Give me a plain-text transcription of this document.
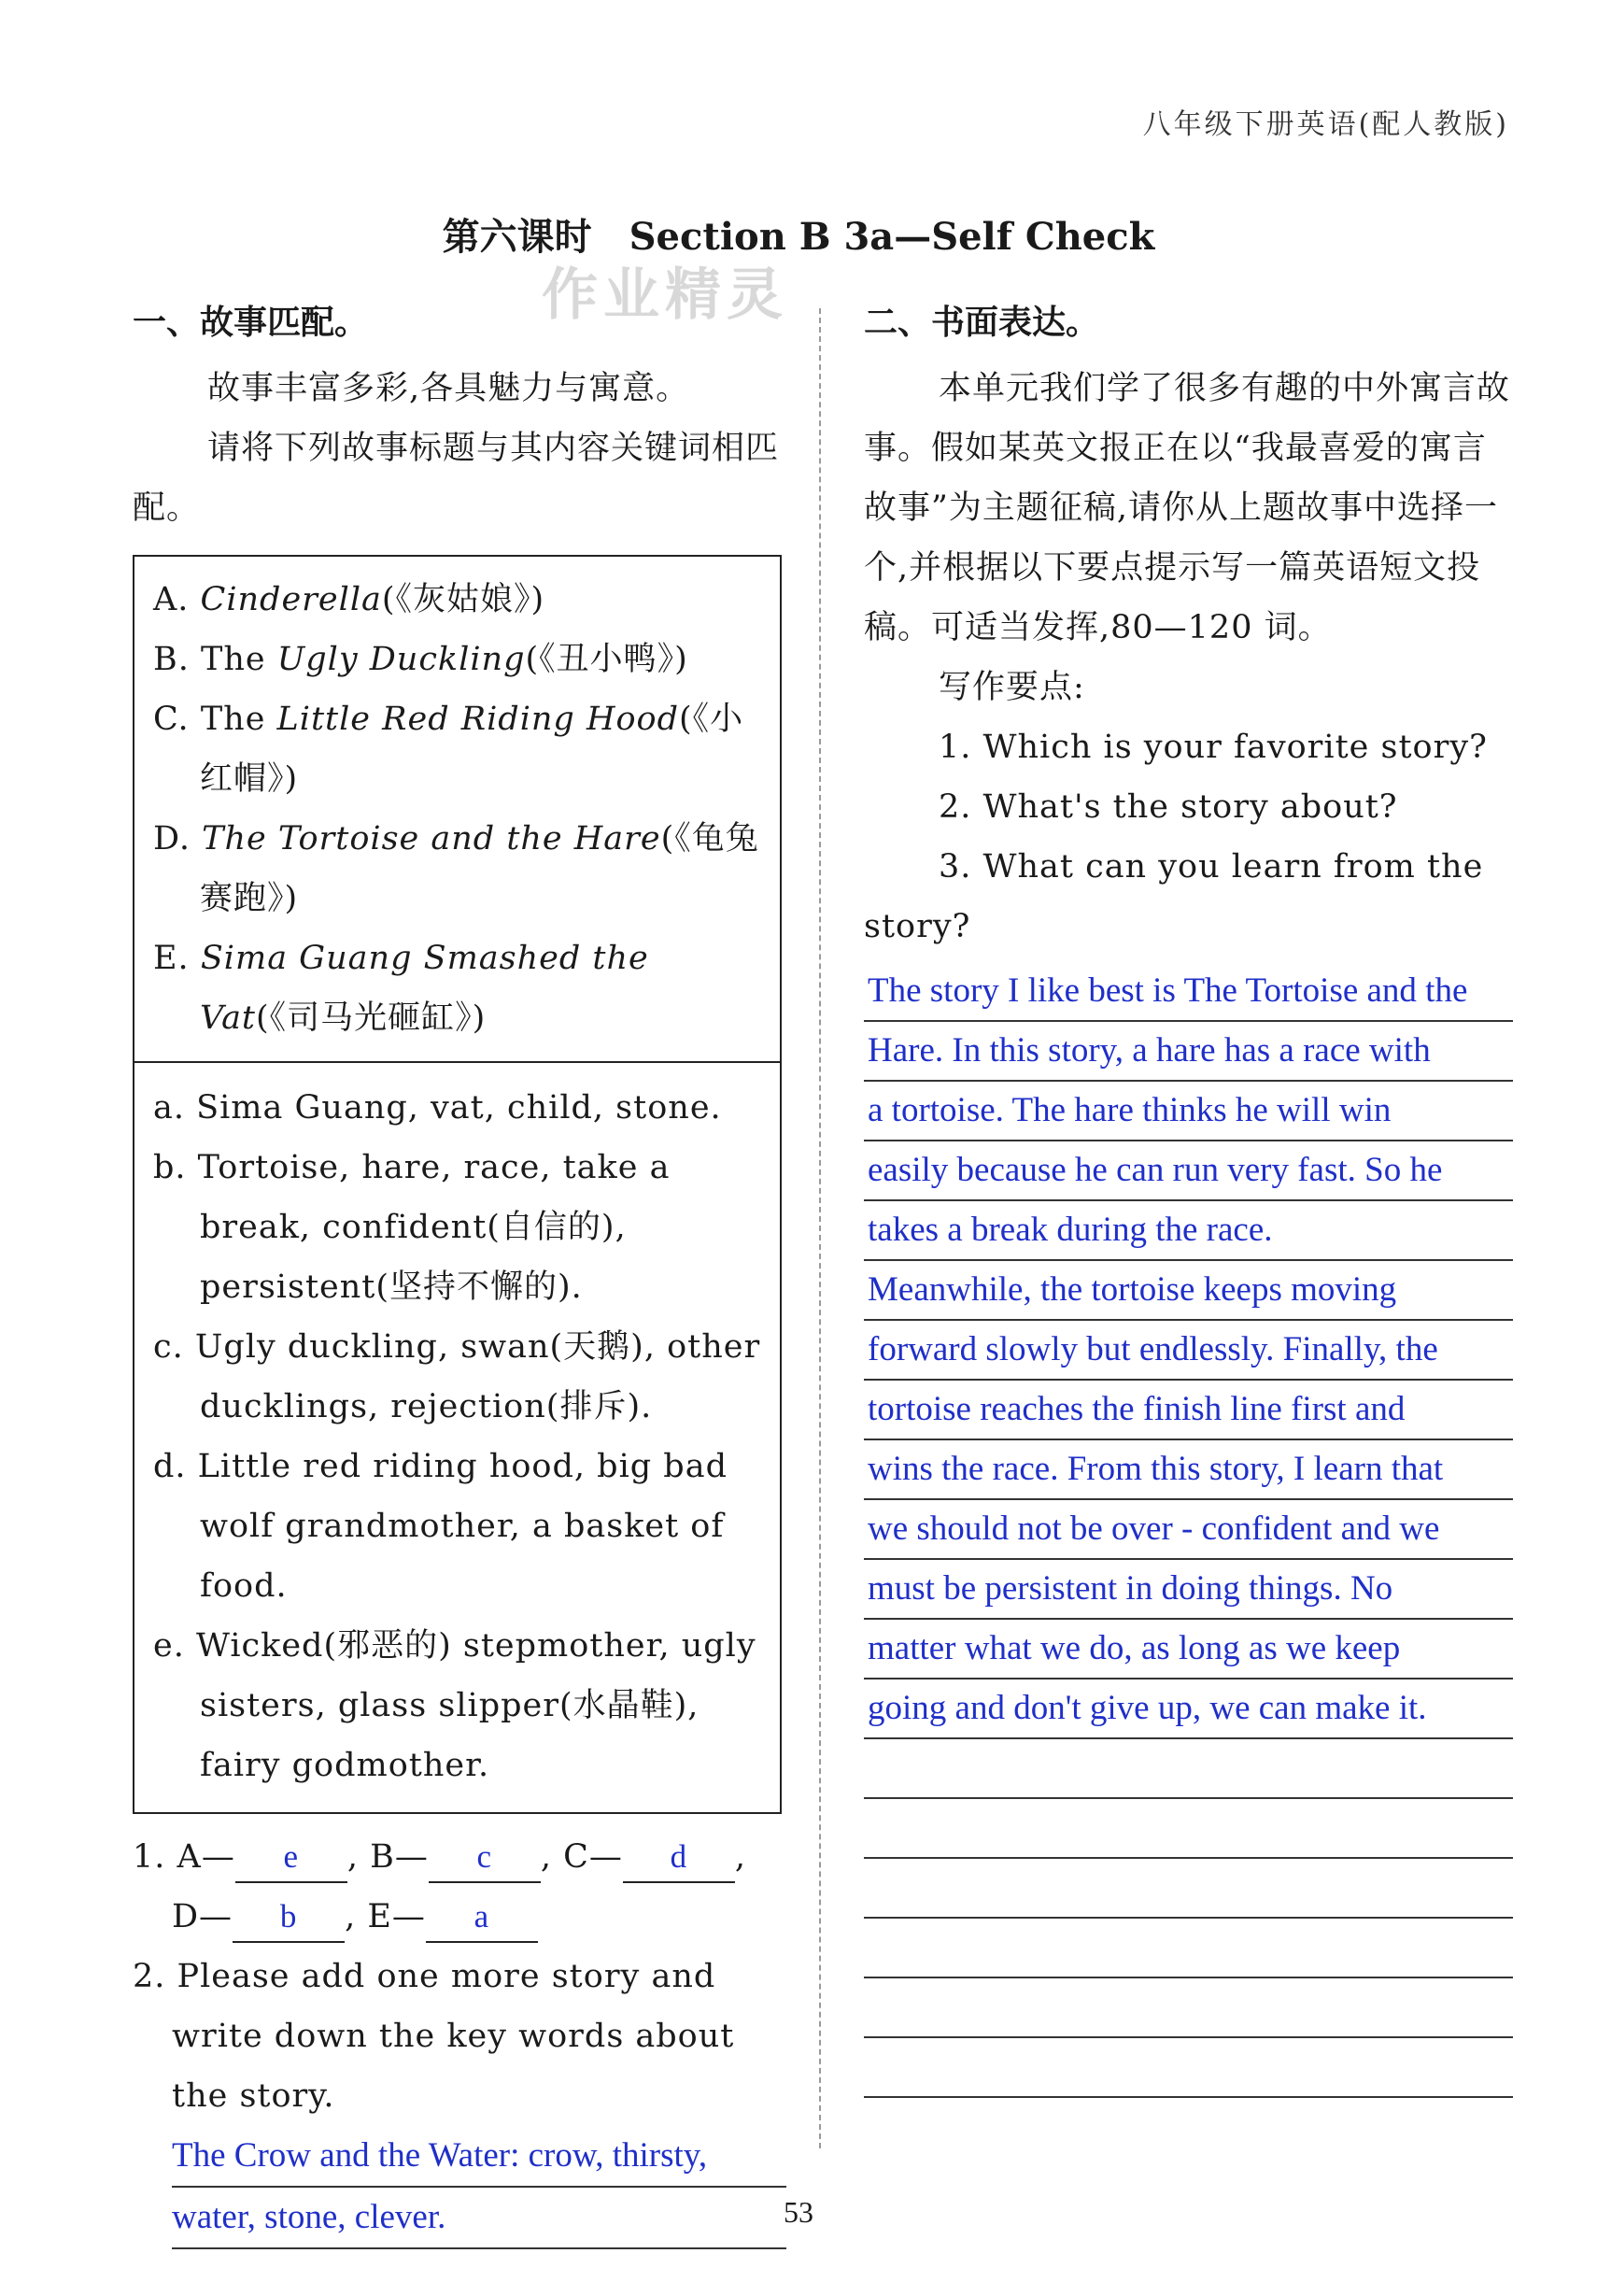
八年级下册英语(配人教版)
第六课时　Section B 3a—Self Check
作业精灵
一、故事匹配。

故事丰富多彩,各具魅力与寓意。

请将下列故事标题与其内容关键词相匹配。

A. Cinderella(《灰姑娘》)
B. The Ugly Duckling(《丑小鸭》)
C. The Little Red Riding Hood(《小红帽》)
D. The Tortoise and the Hare(《龟兔赛跑》)
E. Sima Guang Smashed the Vat(《司马光砸缸》)
a. Sima Guang, vat, child, stone.
b. Tortoise, hare, race, take a break, confident(自信的), persistent(坚持不懈的).
c. Ugly duckling, swan(天鹅), other ducklings, rejection(排斥).
d. Little red riding hood, big bad wolf grandmother, a basket of food.
e. Wicked(邪恶的) stepmother, ugly sisters, glass slipper(水晶鞋), fairy godmother.
1. A— e , B— c , C— d ,
D— b , E— a
2. Please add one more story and write down the key words about the story.
The Crow and the Water: crow, thirsty,
water, stone, clever.
二、书面表达。

本单元我们学了很多有趣的中外寓言故事。假如某英文报正在以“我最喜爱的寓言故事”为主题征稿,请你从上题故事中选择一个,并根据以下要点提示写一篇英语短文投稿。可适当发挥,80—120 词。

写作要点:

1. Which is your favorite story?

2. What's the story about?

3. What can you learn from the story?

The story I like best is The Tortoise and the
Hare. In this story, a hare has a race with
a tortoise. The hare thinks he will win
easily because he can run very fast. So he
takes a break during the race.
Meanwhile, the tortoise keeps moving
forward slowly but endlessly. Finally, the
tortoise reaches the finish line first and
wins the race. From this story, I learn that
we should not be over - confident and we
must be persistent in doing things. No
matter what we do, as long as we keep
going and don't give up, we can make it.
53
